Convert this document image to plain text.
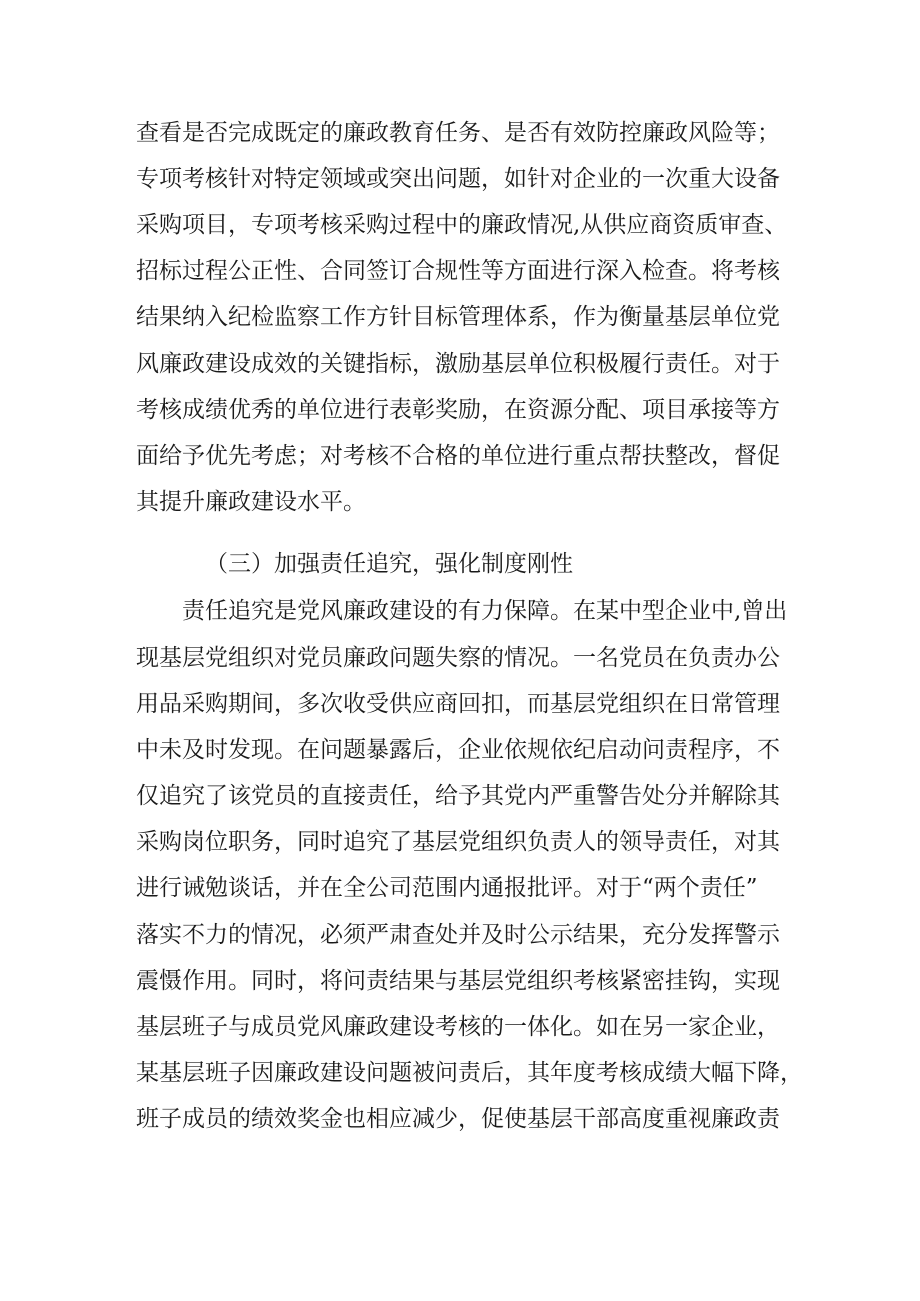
查看是否完成既定的廉政教育任务、是否有效防控廉政风险等；
专项考核针对特定领域或突出问题，如针对企业的一次重大设备
采购项目，专项考核采购过程中的廉政情况,从供应商资质审查、
招标过程公正性、合同签订合规性等方面进行深入检查。将考核
结果纳入纪检监察工作方针目标管理体系，作为衡量基层单位党
风廉政建设成效的关键指标，激励基层单位积极履行责任。对于
考核成绩优秀的单位进行表彰奖励，在资源分配、项目承接等方
面给予优先考虑；对考核不合格的单位进行重点帮扶整改，督促
其提升廉政建设水平。
（三）加强责任追究，强化制度刚性
责任追究是党风廉政建设的有力保障。在某中型企业中,曾出
现基层党组织对党员廉政问题失察的情况。一名党员在负责办公
用品采购期间，多次收受供应商回扣，而基层党组织在日常管理
中未及时发现。在问题暴露后，企业依规依纪启动问责程序，不
仅追究了该党员的直接责任，给予其党内严重警告处分并解除其
采购岗位职务，同时追究了基层党组织负责人的领导责任，对其
进行诫勉谈话，并在全公司范围内通报批评。对于“两个责任”
落实不力的情况，必须严肃查处并及时公示结果，充分发挥警示
震慑作用。同时，将问责结果与基层党组织考核紧密挂钩，实现
基层班子与成员党风廉政建设考核的一体化。如在另一家企业，
某基层班子因廉政建设问题被问责后，其年度考核成绩大幅下降，
班子成员的绩效奖金也相应减少，促使基层干部高度重视廉政责
